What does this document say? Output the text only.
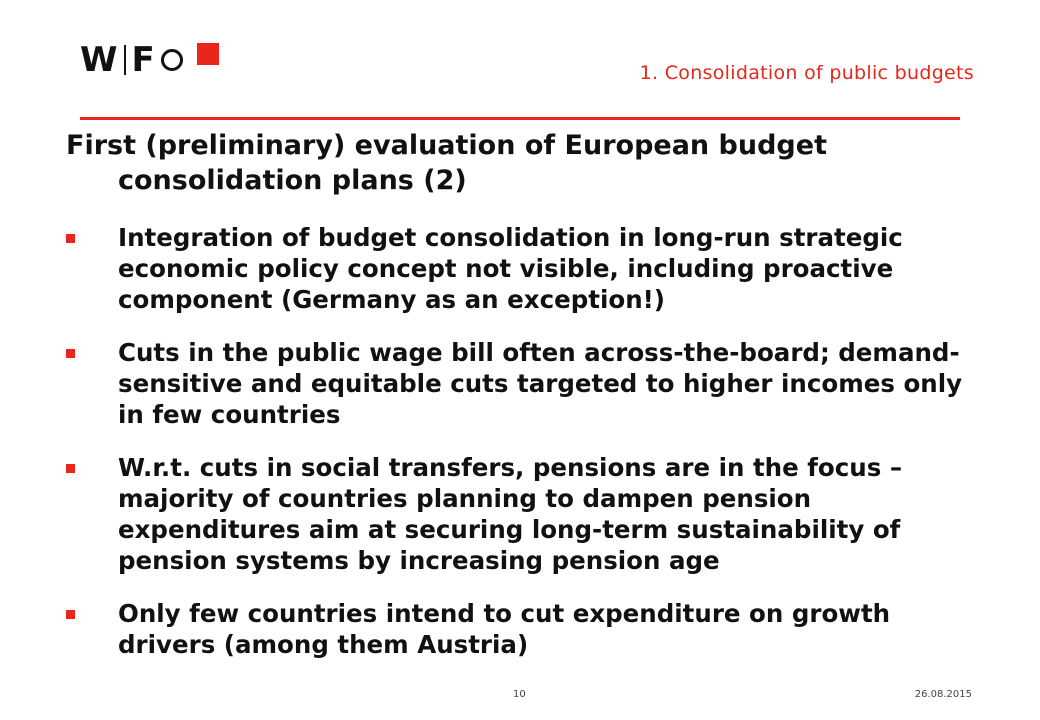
W F	1. Consolidation of public budgets
First (preliminary) evaluation of European budget
consolidation plans (2)
Integration of budget consolidation in long-run strategic economic policy concept not visible, including proactive component (Germany as an exception!)
Cuts in the public wage bill often across-the-board; demand-sensitive and equitable cuts targeted to higher incomes only in few countries
W.r.t. cuts in social transfers, pensions are in the focus – majority of countries planning to dampen pension expenditures aim at securing long-term sustainability of pension systems by increasing pension age
Only few countries intend to cut expenditure on growth drivers (among them Austria)
10	26.08.2015
